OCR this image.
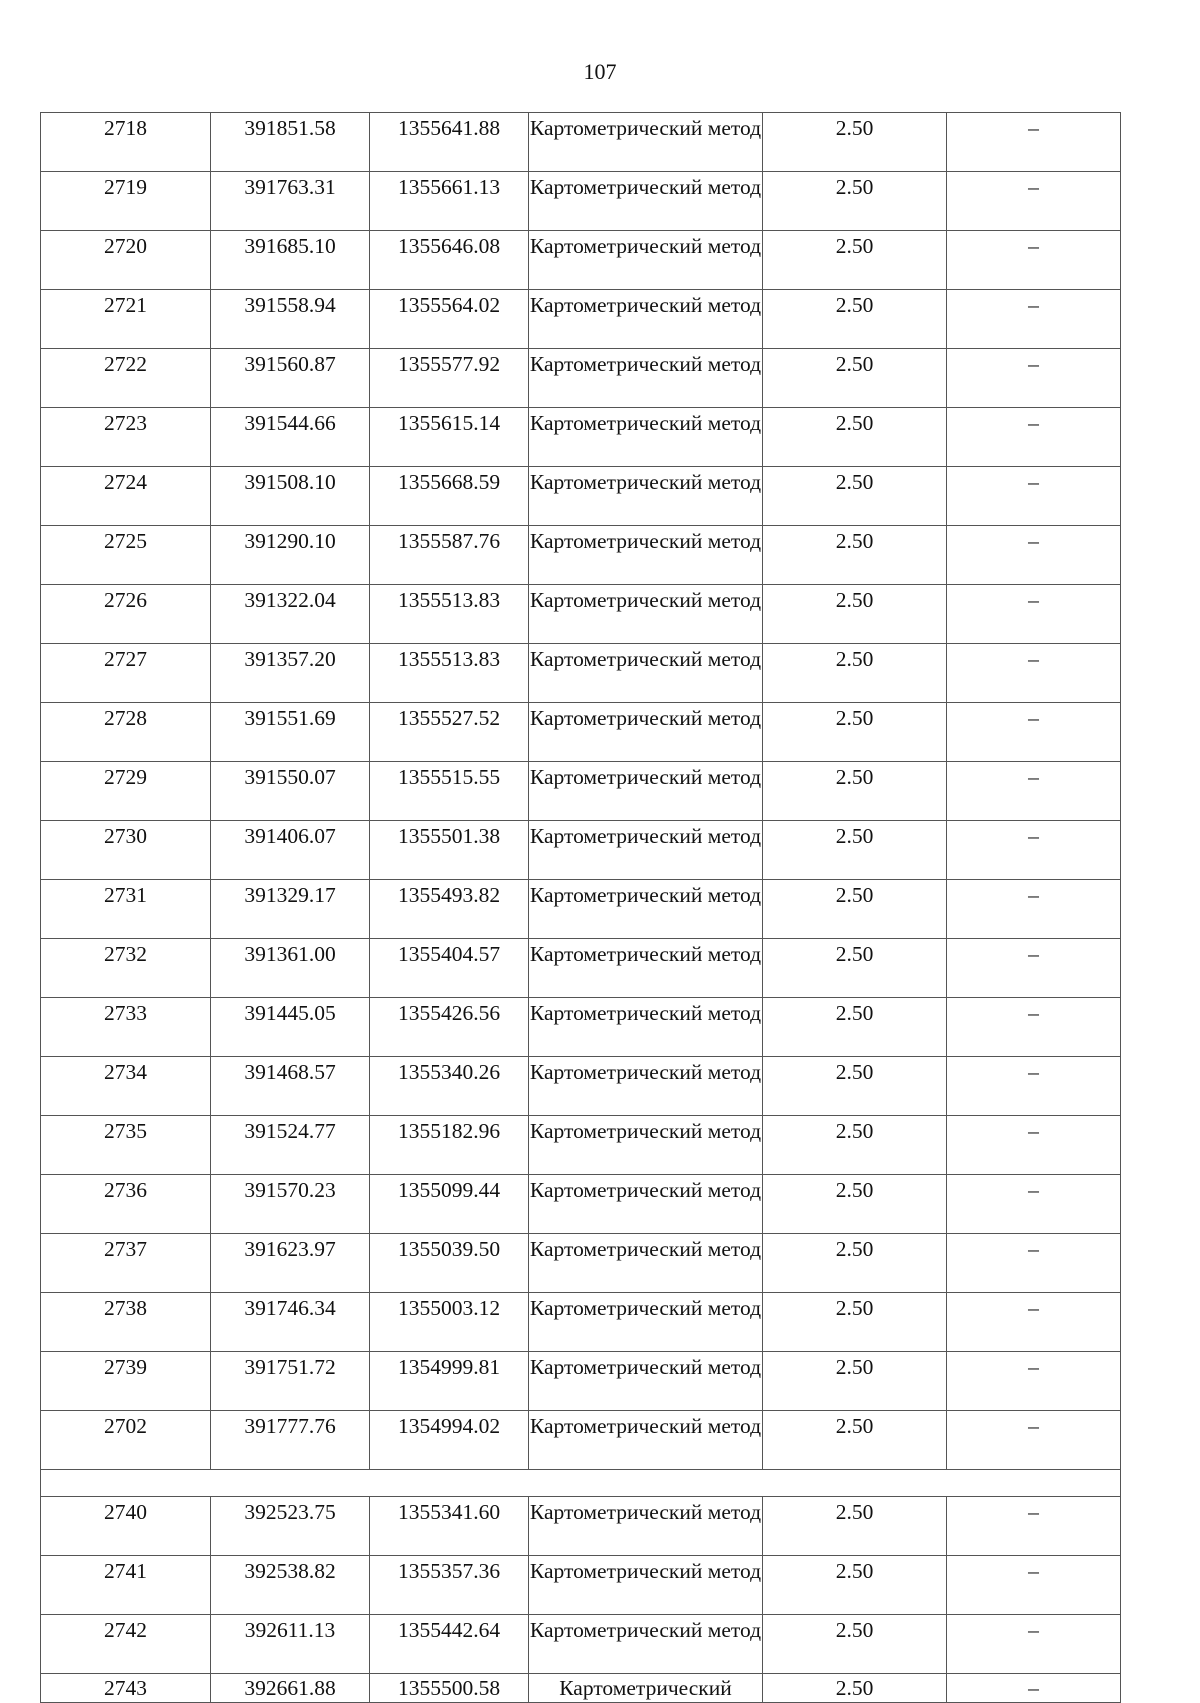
107
2718	391851.58	1355641.88	Картометрический метод	2.50	–
2719	391763.31	1355661.13	Картометрический метод	2.50	–
2720	391685.10	1355646.08	Картометрический метод	2.50	–
2721	391558.94	1355564.02	Картометрический метод	2.50	–
2722	391560.87	1355577.92	Картометрический метод	2.50	–
2723	391544.66	1355615.14	Картометрический метод	2.50	–
2724	391508.10	1355668.59	Картометрический метод	2.50	–
2725	391290.10	1355587.76	Картометрический метод	2.50	–
2726	391322.04	1355513.83	Картометрический метод	2.50	–
2727	391357.20	1355513.83	Картометрический метод	2.50	–
2728	391551.69	1355527.52	Картометрический метод	2.50	–
2729	391550.07	1355515.55	Картометрический метод	2.50	–
2730	391406.07	1355501.38	Картометрический метод	2.50	–
2731	391329.17	1355493.82	Картометрический метод	2.50	–
2732	391361.00	1355404.57	Картометрический метод	2.50	–
2733	391445.05	1355426.56	Картометрический метод	2.50	–
2734	391468.57	1355340.26	Картометрический метод	2.50	–
2735	391524.77	1355182.96	Картометрический метод	2.50	–
2736	391570.23	1355099.44	Картометрический метод	2.50	–
2737	391623.97	1355039.50	Картометрический метод	2.50	–
2738	391746.34	1355003.12	Картометрический метод	2.50	–
2739	391751.72	1354999.81	Картометрический метод	2.50	–
2702	391777.76	1354994.02	Картометрический метод	2.50	–

2740	392523.75	1355341.60	Картометрический метод	2.50	–
2741	392538.82	1355357.36	Картометрический метод	2.50	–
2742	392611.13	1355442.64	Картометрический метод	2.50	–
2743	392661.88	1355500.58	Картометрический	2.50	–
